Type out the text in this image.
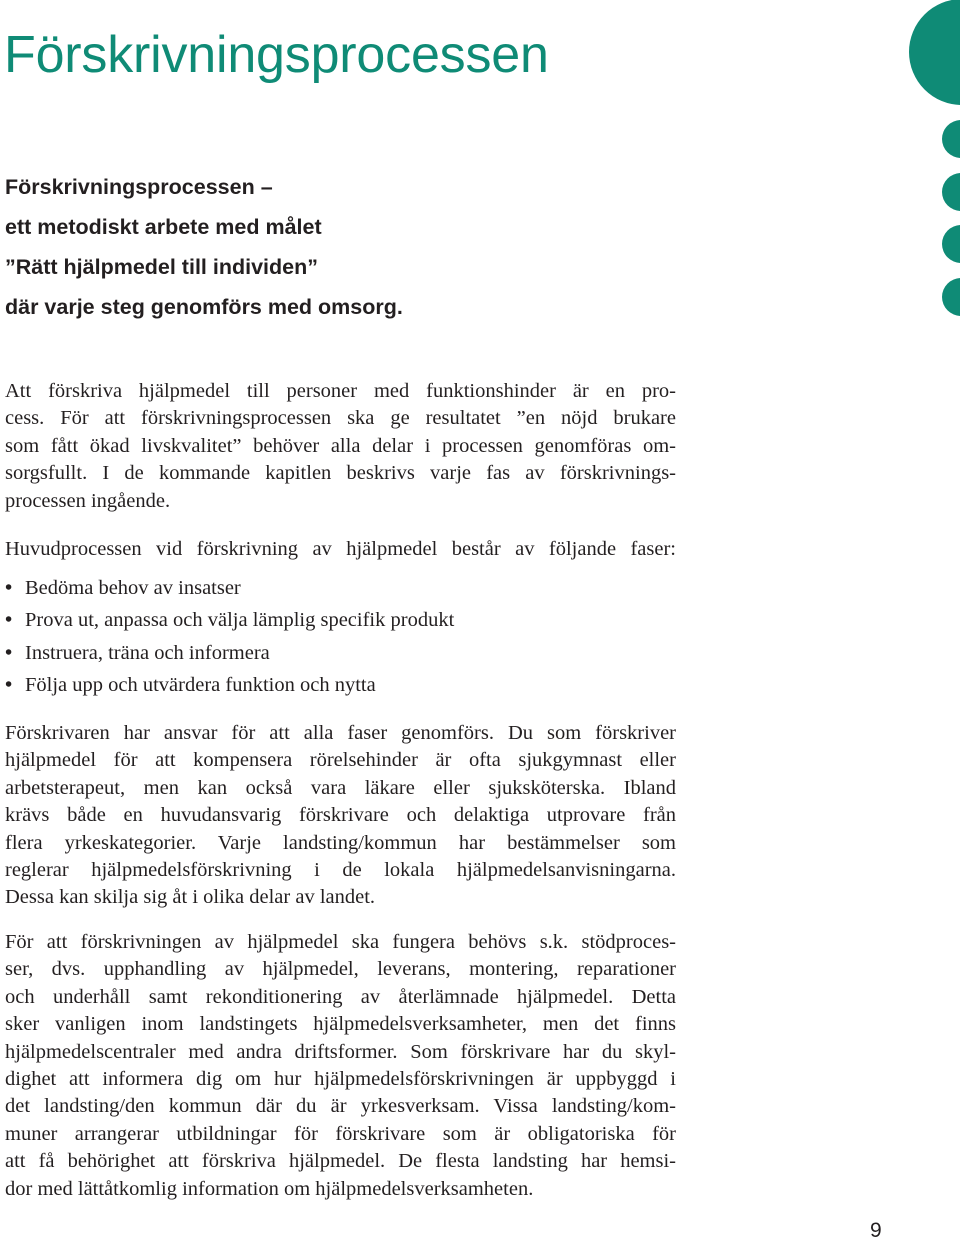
Förskrivningsprocessen
Förskrivningsprocessen –
ett metodiskt arbete med målet
”Rätt hjälpmedel till individen”
där varje steg genomförs med omsorg.
Att förskriva hjälpmedel till personer med funktionshinder är en pro-
cess. För att förskrivningsprocessen ska ge resultatet ”en nöjd brukare
som fått ökad livskvalitet” behöver alla delar i processen genomföras om-
sorgsfullt. I de kommande kapitlen beskrivs varje fas av förskrivnings-
processen ingående.
Huvudprocessen vid förskrivning av hjälpmedel består av följande faser:
• Bedöma behov av insatser
• Prova ut, anpassa och välja lämplig specifik produkt
• Instruera, träna och informera
• Följa upp och utvärdera funktion och nytta
Förskrivaren har ansvar för att alla faser genomförs. Du som förskriver
hjälpmedel för att kompensera rörelsehinder är ofta sjukgymnast eller
arbetsterapeut, men kan också vara läkare eller sjuksköterska. Ibland
krävs både en huvudansvarig förskrivare och delaktiga utprovare från
flera yrkeskategorier. Varje landsting/kommun har bestämmelser som
reglerar hjälpmedelsförskrivning i de lokala hjälpmedelsanvisningarna.
Dessa kan skilja sig åt i olika delar av landet.
För att förskrivningen av hjälpmedel ska fungera behövs s.k. stödproces-
ser, dvs. upphandling av hjälpmedel, leverans, montering, reparationer
och underhåll samt rekonditionering av återlämnade hjälpmedel. Detta
sker vanligen inom landstingets hjälpmedelsverksamheter, men det finns
hjälpmedelscentraler med andra driftsformer. Som förskrivare har du skyl-
dighet att informera dig om hur hjälpmedelsförskrivningen är uppbyggd i
det landsting/den kommun där du är yrkesverksam. Vissa landsting/kom-
muner arrangerar utbildningar för förskrivare som är obligatoriska för
att få behörighet att förskriva hjälpmedel. De flesta landsting har hemsi-
dor med lättåtkomlig information om hjälpmedelsverksamheten.
9
